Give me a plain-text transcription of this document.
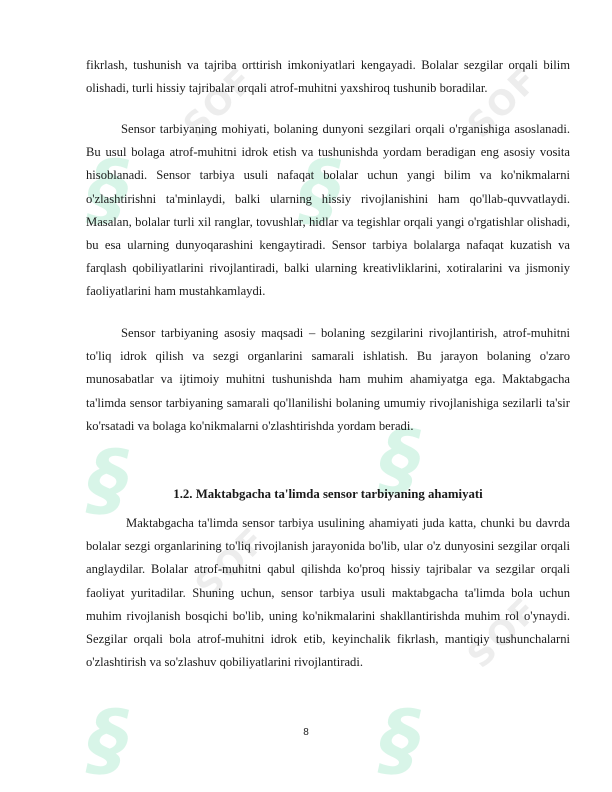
SOF
§ §
SOF
§
§
SOF
§	§
SOF

fikrlash, tushunish va tajriba orttirish imkoniyatlari kengayadi. Bolalar sezgilar orqali bilim olishadi, turli hissiy tajribalar orqali atrof-muhitni yaxshiroq tushunib boradilar.

Sensor tarbiyaning mohiyati, bolaning dunyoni sezgilari orqali o'rganishiga asoslanadi. Bu usul bolaga atrof-muhitni idrok etish va tushunishda yordam beradigan eng asosiy vosita hisoblanadi. Sensor tarbiya usuli nafaqat bolalar uchun yangi bilim va ko'nikmalarni o'zlashtirishni ta'minlaydi, balki ularning hissiy rivojlanishini ham qo'llab-quvvatlaydi. Masalan, bolalar turli xil ranglar, tovushlar, hidlar va tegishlar orqali yangi o'rgatishlar olishadi, bu esa ularning dunyoqarashini kengaytiradi. Sensor tarbiya bolalarga nafaqat kuzatish va farqlash qobiliyatlarini rivojlantiradi, balki ularning kreativliklarini, xotiralarini va jismoniy faoliyatlarini ham mustahkamlaydi.

Sensor tarbiyaning asosiy maqsadi – bolaning sezgilarini rivojlantirish, atrof-muhitni to'liq idrok qilish va sezgi organlarini samarali ishlatish. Bu jarayon bolaning o'zaro munosabatlar va ijtimoiy muhitni tushunishda ham muhim ahamiyatga ega. Maktabgacha ta'limda sensor tarbiyaning samarali qo'llanilishi bolaning umumiy rivojlanishiga sezilarli ta'sir ko'rsatadi va bolaga ko'nikmalarni o'zlashtirishda yordam beradi.

1.2. Maktabgacha ta'limda sensor tarbiyaning ahamiyati

Maktabgacha ta'limda sensor tarbiya usulining ahamiyati juda katta, chunki bu davrda bolalar sezgi organlarining to'liq rivojlanish jarayonida bo'lib, ular o'z dunyosini sezgilar orqali anglaydilar. Bolalar atrof-muhitni qabul qilishda ko'proq hissiy tajribalar va sezgilar orqali faoliyat yuritadilar. Shuning uchun, sensor tarbiya usuli maktabgacha ta'limda bola uchun muhim rivojlanish bosqichi bo'lib, uning ko'nikmalarini shakllantirishda muhim rol o'ynaydi. Sezgilar orqali bola atrof-muhitni idrok etib, keyinchalik fikrlash, mantiqiy tushunchalarni o'zlashtirish va so'zlashuv qobiliyatlarini rivojlantiradi.

8
